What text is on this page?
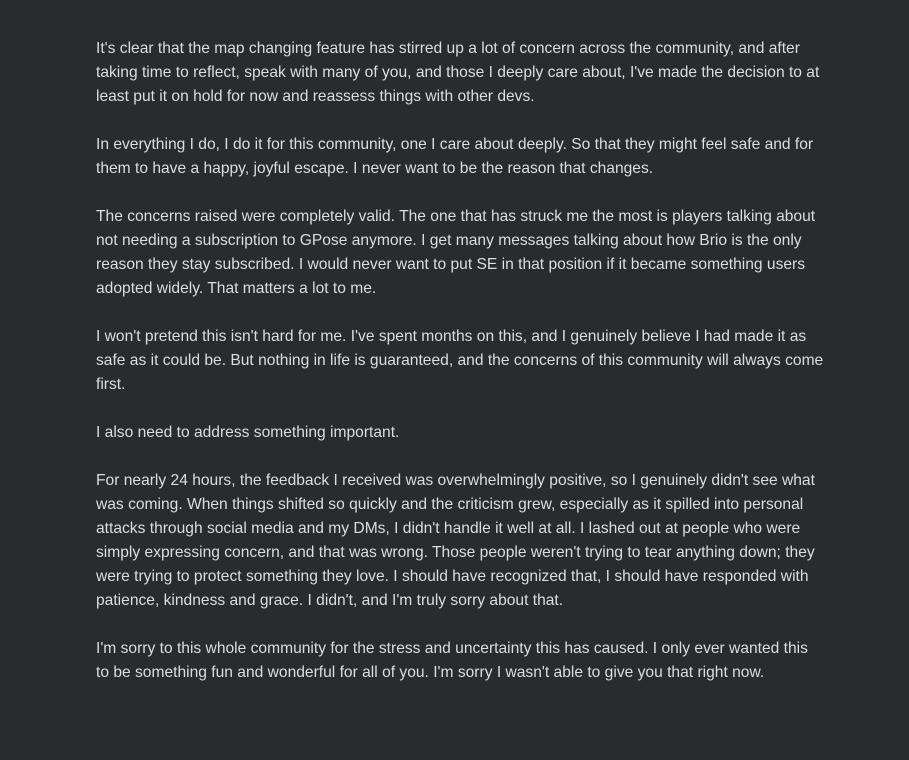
It's clear that the map changing feature has stirred up a lot of concern across the community, and after taking time to reflect, speak with many of you, and those I deeply care about, I've made the decision to at least put it on hold for now and reassess things with other devs.

In everything I do, I do it for this community, one I care about deeply. So that they might feel safe and for them to have a happy, joyful escape. I never want to be the reason that changes.

The concerns raised were completely valid. The one that has struck me the most is players talking about not needing a subscription to GPose anymore. I get many messages talking about how Brio is the only reason they stay subscribed. I would never want to put SE in that position if it became something users adopted widely. That matters a lot to me.

I won't pretend this isn't hard for me. I've spent months on this, and I genuinely believe I had made it as safe as it could be. But nothing in life is guaranteed, and the concerns of this community will always come first.

I also need to address something important.

For nearly 24 hours, the feedback I received was overwhelmingly positive, so I genuinely didn't see what was coming. When things shifted so quickly and the criticism grew, especially as it spilled into personal attacks through social media and my DMs, I didn't handle it well at all. I lashed out at people who were simply expressing concern, and that was wrong. Those people weren't trying to tear anything down; they were trying to protect something they love. I should have recognized that, I should have responded with patience, kindness and grace. I didn't, and I'm truly sorry about that.

I'm sorry to this whole community for the stress and uncertainty this has caused. I only ever wanted this to be something fun and wonderful for all of you. I'm sorry I wasn't able to give you that right now.
